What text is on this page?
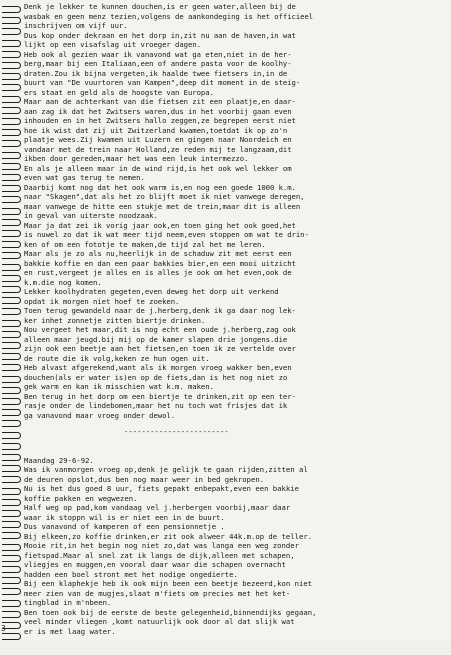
Denk je lekker te kunnen douchen,is er geen water,alleen bij de
wasbak en geen menz tezien,volgens de aankondeging is het officieel
inschrijven om vijf uur.
Dus kop onder dekraan en het dorp in,zit nu aan de haven,in wat
lijkt op een visafslag uit vroeger dagen.
Heb ook al gezien waar ik vanavond wat ga eten,niet in de her-
berg,maar bij een Italiaan,een of andere pasta voor de koolhy-
draten.Zou ik bijna vergeten,ik haalde twee fietsers in,in de
buurt van "De vuurtoren van Kampen",deep dit moment in de steig-
ers staat en geld als de hoogste van Europa.
Maar aan de achterkant van die fietsen zit een plaatje,en daar-
aan zag ik dat het Zwitsers waren,dus in het voorbij gaan even
inhouden en in het Zwitsers hallo zeggen,ze begrepen eerst niet
hoe ik wist dat zij uit Zwitzerland kwamen,toetdat ik op zo'n
plaatje wees.Zij kwamen uit Luzern en gingen naar Noordeich en
vandaar met de trein naar Holland,ze reden mij te langzaam,dit
ikben door gereden,maar het was een leuk intermezzo.
En als je alleen maar in de wind rijd,is het ook wel lekker om
even wat gas terug te nemen.
Daarbij komt nog dat het ook warm is,en nog een goede 1000 k.m.
naar "Skagen",dat als het zo blijft moet ik niet vanwege deregen,
maar vanwege de hitte een stukje met de trein,maar dit is alleen
in geval van uiterste noodzaak.
Maar ja dat zei ik vorig jaar ook,en toen ging het ook goed,het
is nuwel zo dat ik wat meer tijd neem,even stoppen om wat te drin-
ken of om een fototje te maken,de tijd zal het me leren.
Maar als je zo als nu,heerlijk in de schaduw zit met eerst een
bakkie koffie en dan een paar bakkies bier,en een mooi uitzicht
en rust,vergeet je alles en is alles je ook om het even,ook de
k.m.die nog komen.
Lekker koolhydraten gegeten,even deweg het dorp uit verkend
opdat ik morgen niet hoef te zoeken.
Toen terug gewandeld naar de j.herberg,denk ik ga daar nog lek-
ker inhet zonnetje zitten biertje drinken.
Nou vergeet het maar,dit is nog echt een oude j.herberg,zag ook
alleen maar jeugd.bij mij op de kamer slapen drie jongens.die
zijn ook een beetje aan het fietsen,en toen ik ze vertelde over
de route die ik volg,keken ze hun ogen uit.
Heb alvast afgerekend,want als ik morgen vroeg wakker ben,even
douchen(als er water is)en op de fiets,dan is het nog niet zo
gek warm en kan ik misschien wat k.m. maken.
Ben terug in het dorp om een biertje te drinken,zit op een ter-
rasje onder de lindebomen,maar het nu toch wat frisjes dat ik
ga vanavond maar vroeg onder dewol.

------------------------

Maandag 29-6-92.
Was ik vanmorgen vroeg op,denk je gelijk te gaan rijden,zitten al
de deuren opslot,dus ben nog maar weer in bed gekropen.
Nu is het dus goed 8 uur, fiets gepakt enbepakt,even een bakkie
koffie pakken en wegwezen.
Half weg op pad,kom vandaag vel j.herbergen voorbij,maar daar
waar ik stoppn wil is er niet een in de buurt.
Dus vanavond of kamperen of een pensionnetje .
Bij elkeen,zo koffie drinken,er zit ook alweer 44k.m.op de teller.
Mooie rit,in het begin nog niet zo,dat was langa een weg zonder
fietspad.Maar al snel zat ik langs de dijk,alleen met schapen,
vliegjes en muggen,en vooral daar waar die schapen overnacht
hadden een boel stront met het nodige ongedierte.
Bij een klaphekje heb ik ook mijn been een beetje bezeerd,kon niet
meer zien van de mugjes,slaat m'fiets om precies met het ket-
tingblad in m'nbeen.
Ben toen ook bij de eerste de beste gelegenheid,binnendijks gegaan,
veel minder vliegen ,komt natuurlijk ook door al dat slijk wat
er is met laag water.

3
